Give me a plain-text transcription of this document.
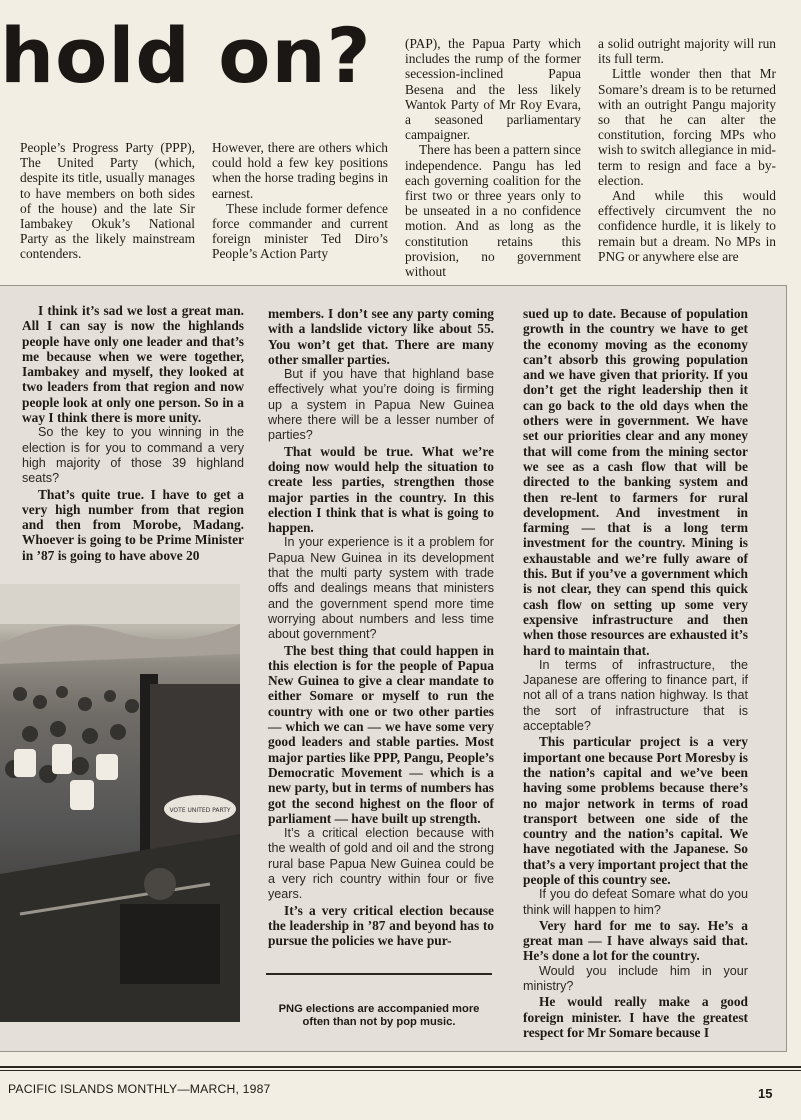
hold on?

People’s Progress Party (PPP), The United Party (which, despite its title, usually manages to have members on both sides of the house) and the late Sir Iambakey Okuk’s National Party as the likely mainstream contenders.

However, there are others which could hold a few key positions when the horse trading begins in earnest.

These include former defence force commander and current foreign minister Ted Diro’s People’s Action Party

(PAP), the Papua Party which includes the rump of the former secession-inclined Papua Besena and the less likely Wantok Party of Mr Roy Evara, a seasoned parliamentary campaigner.

There has been a pattern since independence. Pangu has led each governing coalition for the first two or three years only to be unseated in a no confidence motion. And as long as the constitution retains this provision, no government without

a solid outright majority will run its full term.

Little wonder then that Mr Somare’s dream is to be returned with an outright Pangu majority so that he can alter the constitution, forcing MPs who wish to switch allegiance in mid-term to resign and face a by-election.

And while this would effectively circumvent the no confidence hurdle, it is likely to remain but a dream. No MPs in PNG or anywhere else are

I think it’s sad we lost a great man. All I can say is now the highlands people have only one leader and that’s me because when we were together, Iambakey and myself, they looked at two leaders from that region and now people look at only one person. So in a way I think there is more unity.

So the key to you winning in the election is for you to command a very high majority of those 39 highland seats?

That’s quite true. I have to get a very high number from that region and then from Morobe, Madang. Whoever is going to be Prime Minister in ’87 is going to have above 20

members. I don’t see any party coming with a landslide victory like about 55. You won’t get that. There are many other smaller parties.

But if you have that highland base effectively what you’re doing is firming up a system in Papua New Guinea where there will be a lesser number of parties?

That would be true. What we’re doing now would help the situation to create less parties, strengthen those major parties in the country. In this election I think that is what is going to happen.

In your experience is it a problem for Papua New Guinea in its development that the multi party system with trade offs and dealings means that ministers and the government spend more time worrying about numbers and less time about government?

The best thing that could happen in this election is for the people of Papua New Guinea to give a clear mandate to either Somare or myself to run the country with one or two other parties — which we can — we have some very good leaders and stable parties. Most major parties like PPP, Pangu, People’s Democratic Movement — which is a new party, but in terms of numbers has got the second highest on the floor of parliament — have built up strength.

It’s a critical election because with the wealth of gold and oil and the strong rural base Papua New Guinea could be a very rich country within four or five years.

It’s a very critical election because the leadership in ’87 and beyond has to pursue the policies we have pur-

sued up to date. Because of population growth in the country we have to get the economy moving as the economy can’t absorb this growing population and we have given that priority. If you don’t get the right leadership then it can go back to the old days when the others were in government. We have set our priorities clear and any money that will come from the mining sector we see as a cash flow that will be directed to the banking system and then re-lent to farmers for rural development. And investment in farming — that is a long term investment for the country. Mining is exhaustable and we’re fully aware of this. But if you’ve a government which is not clear, they can spend this quick cash flow on setting up some very expensive infrastructure and then when those resources are exhausted it’s hard to maintain that.

In terms of infrastructure, the Japanese are offering to finance part, if not all of a trans nation highway. Is that the sort of infrastructure that is acceptable?

This particular project is a very important one because Port Moresby is the nation’s capital and we’ve been having some problems because there’s no major network in terms of road transport between one side of the country and the nation’s capital. We have negotiated with the Japanese. So that’s a very important project that the people of this country see.

If you do defeat Somare what do you think will happen to him?

Very hard for me to say. He’s a great man — I have always said that. He’s done a lot for the country.

Would you include him in your ministry?

He would really make a good foreign minister. I have the greatest respect for Mr Somare because I

VOTE UNITED PARTY
PNG elections are accompanied more often than not by pop music.
PACIFIC ISLANDS MONTHLY—MARCH, 1987	15
